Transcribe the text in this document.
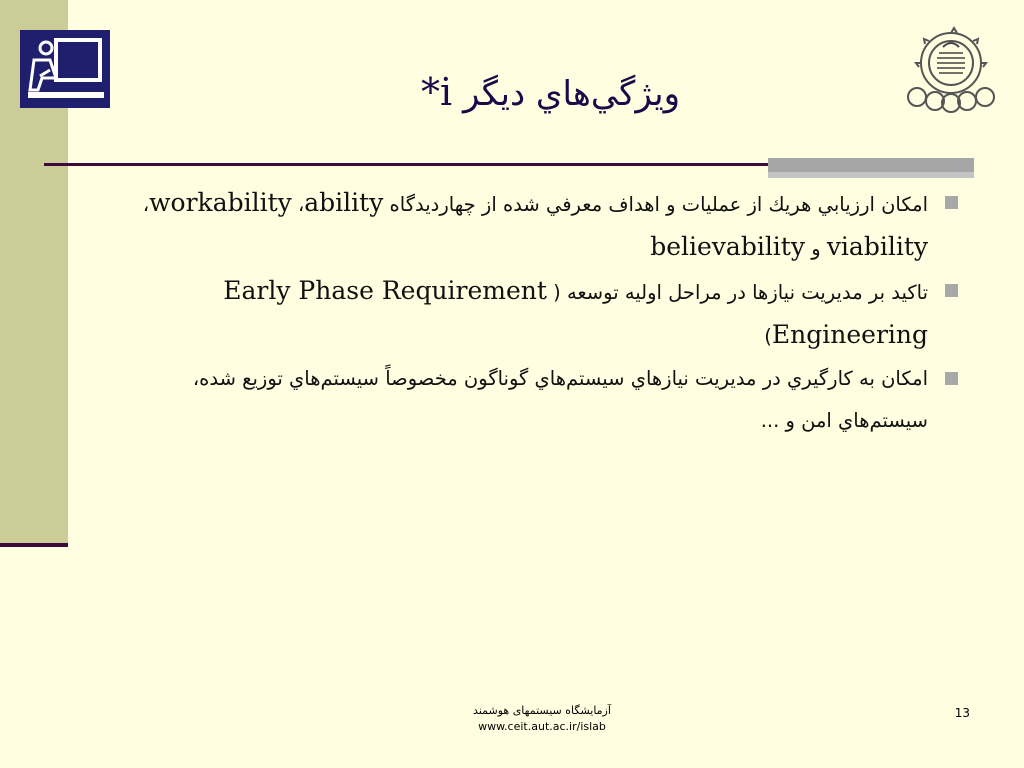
ويژگي‌هاي ديگر i*
امكان ارزيابي هريك از عمليات و اهداف معرفي شده از چهارديدگاه ability، workability، viability و believability
تاكيد بر مديريت نيازها در مراحل اوليه توسعه ( Early Phase Requirement Engineering)
امكان به كارگيري در مديريت نيازهاي سيستم‌هاي گوناگون مخصوصاً سيستم‌هاي توزيع شده، سيستم‌هاي امن و ...
آزمایشگاه سیستمهای هوشمند
www.ceit.aut.ac.ir/islab
13
